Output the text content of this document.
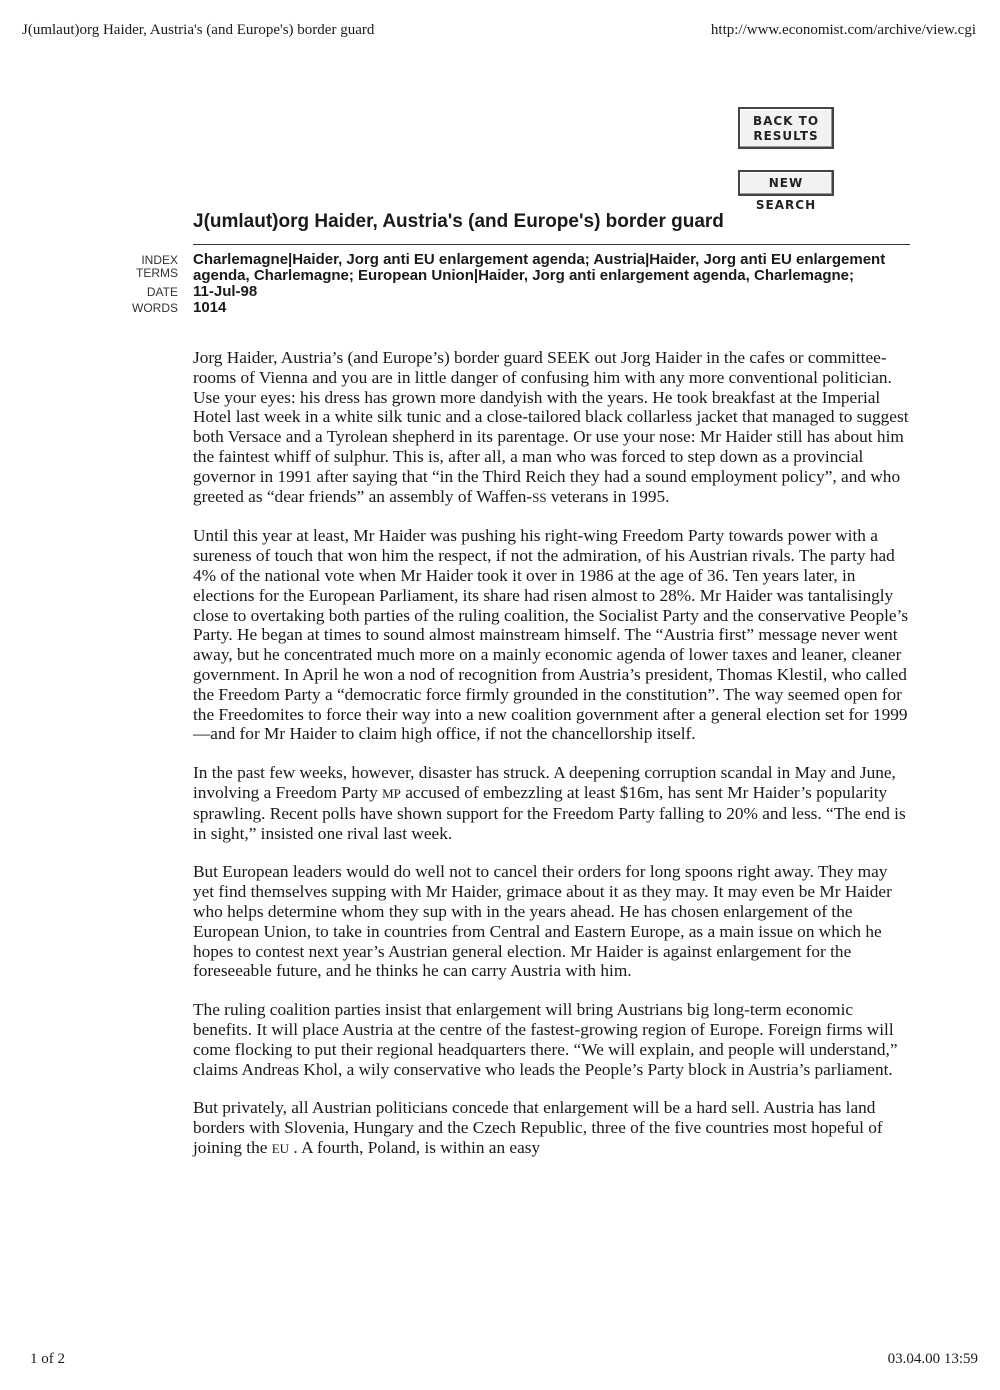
J(umlaut)org Haider, Austria's (and Europe's) border guard	http://www.economist.com/archive/view.cgi
BACK TO
RESULTS
NEW SEARCH
J(umlaut)org Haider, Austria's (and Europe's) border guard
INDEX
TERMS
Charlemagne|Haider, Jorg anti EU enlargement agenda; Austria|Haider, Jorg anti EU enlargement agenda, Charlemagne; European Union|Haider, Jorg anti enlargement agenda, Charlemagne;
DATE 11-Jul-98
WORDS 1014

Jorg Haider, Austria’s (and Europe’s) border guard SEEK out Jorg Haider in the cafes or committee-rooms of Vienna and you are in little danger of confusing him with any more conventional politician. Use your eyes: his dress has grown more dandyish with the years. He took breakfast at the Imperial Hotel last week in a white silk tunic and a close-tailored black collarless jacket that managed to suggest both Versace and a Tyrolean shepherd in its parentage. Or use your nose: Mr Haider still has about him the faintest whiff of sulphur. This is, after all, a man who was forced to step down as a provincial governor in 1991 after saying that “in the Third Reich they had a sound employment policy”, and who greeted as “dear friends” an assembly of Waffen-SS veterans in 1995.

Until this year at least, Mr Haider was pushing his right-wing Freedom Party towards power with a sureness of touch that won him the respect, if not the admiration, of his Austrian rivals. The party had 4% of the national vote when Mr Haider took it over in 1986 at the age of 36. Ten years later, in elections for the European Parliament, its share had risen almost to 28%. Mr Haider was tantalisingly close to overtaking both parties of the ruling coalition, the Socialist Party and the conservative People’s Party. He began at times to sound almost mainstream himself. The “Austria first” message never went away, but he concentrated much more on a mainly economic agenda of lower taxes and leaner, cleaner government. In April he won a nod of recognition from Austria’s president, Thomas Klestil, who called the Freedom Party a “democratic force firmly grounded in the constitution”. The way seemed open for the Freedomites to force their way into a new coalition government after a general election set for 1999—and for Mr Haider to claim high office, if not the chancellorship itself.

In the past few weeks, however, disaster has struck. A deepening corruption scandal in May and June, involving a Freedom Party MP accused of embezzling at least $16m, has sent Mr Haider’s popularity sprawling. Recent polls have shown support for the Freedom Party falling to 20% and less. “The end is in sight,” insisted one rival last week.

But European leaders would do well not to cancel their orders for long spoons right away. They may yet find themselves supping with Mr Haider, grimace about it as they may. It may even be Mr Haider who helps determine whom they sup with in the years ahead. He has chosen enlargement of the European Union, to take in countries from Central and Eastern Europe, as a main issue on which he hopes to contest next year’s Austrian general election. Mr Haider is against enlargement for the foreseeable future, and he thinks he can carry Austria with him.

The ruling coalition parties insist that enlargement will bring Austrians big long-term economic benefits. It will place Austria at the centre of the fastest-growing region of Europe. Foreign firms will come flocking to put their regional headquarters there. “We will explain, and people will understand,” claims Andreas Khol, a wily conservative who leads the People’s Party block in Austria’s parliament.

But privately, all Austrian politicians concede that enlargement will be a hard sell. Austria has land borders with Slovenia, Hungary and the Czech Republic, three of the five countries most hopeful of joining the EU . A fourth, Poland, is within an easy

1 of 2	03.04.00 13:59
